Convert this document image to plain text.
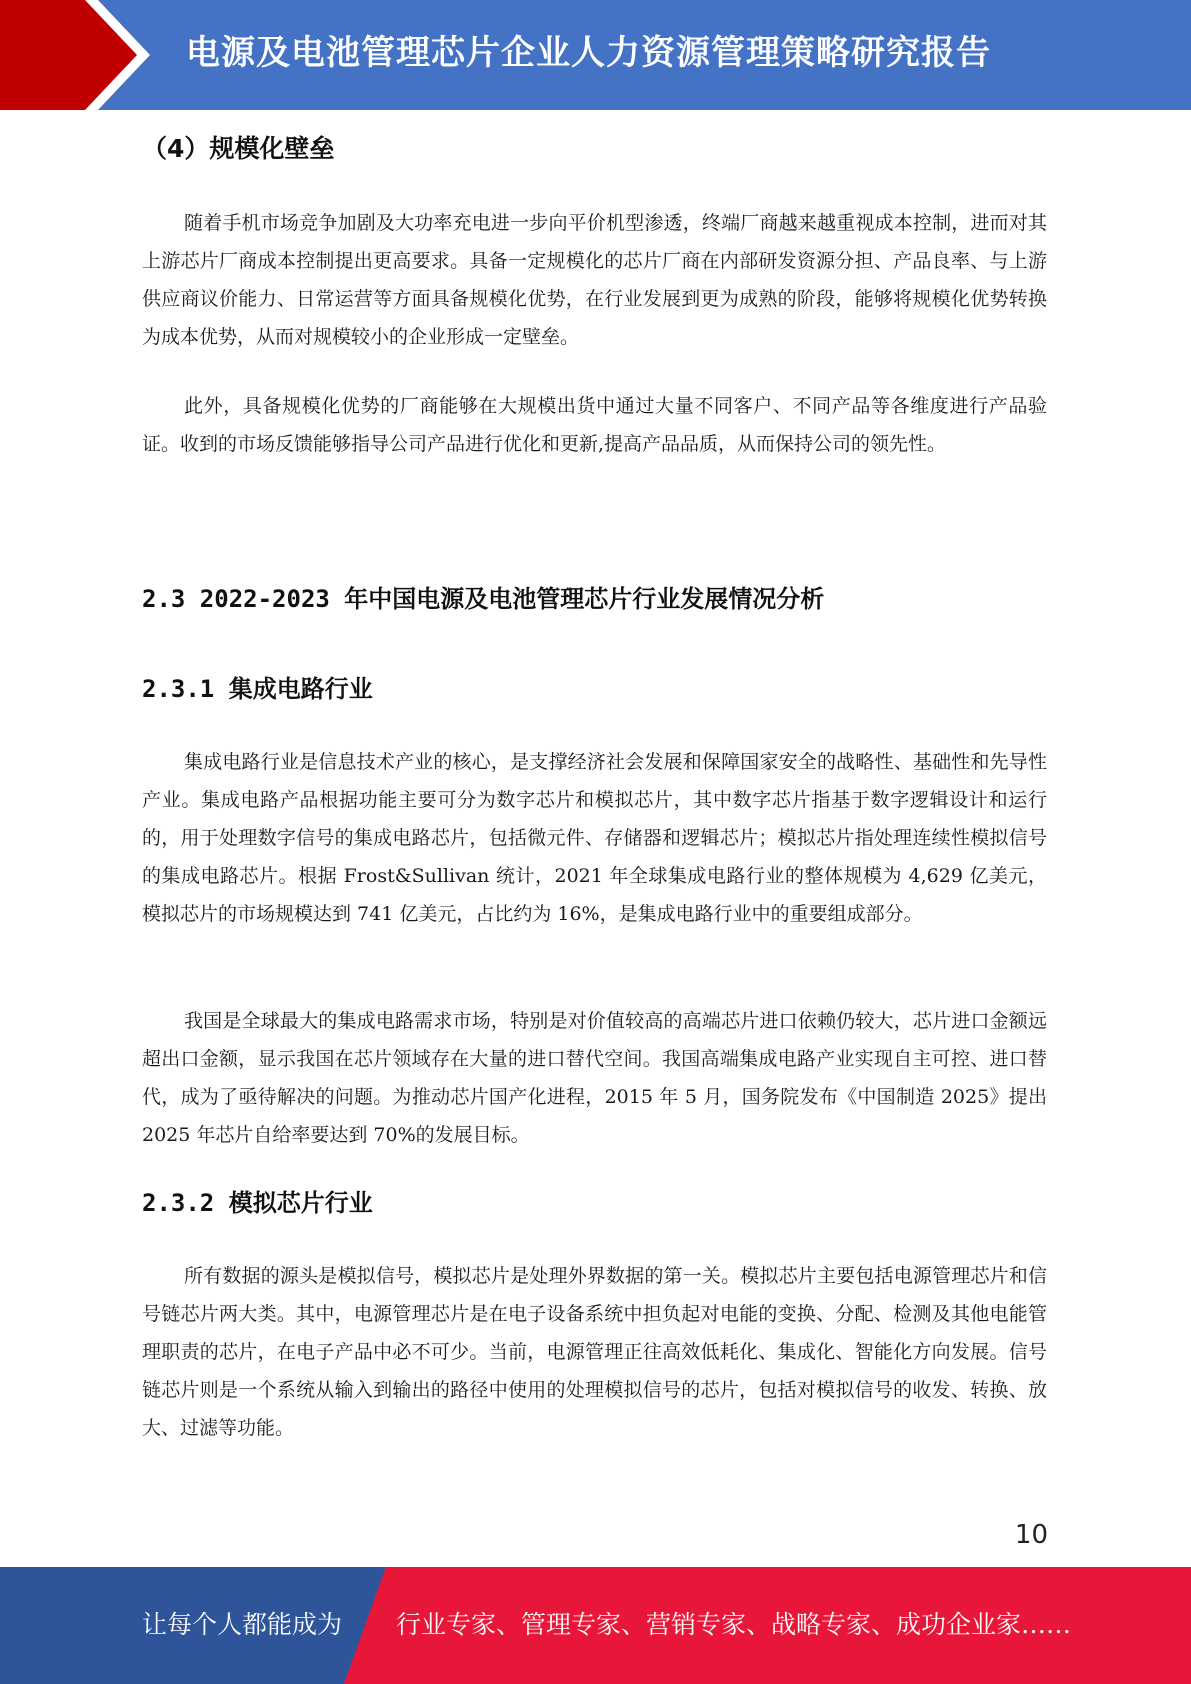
电源及电池管理芯片企业人力资源管理策略研究报告
（4）规模化壁垒

随着手机市场竞争加剧及大功率充电进一步向平价机型渗透，终端厂商越来越重视成本控制，进而对其上游芯片厂商成本控制提出更高要求。具备一定规模化的芯片厂商在内部研发资源分担、产品良率、与上游供应商议价能力、日常运营等方面具备规模化优势，在行业发展到更为成熟的阶段，能够将规模化优势转换为成本优势，从而对规模较小的企业形成一定壁垒。

此外，具备规模化优势的厂商能够在大规模出货中通过大量不同客户、不同产品等各维度进行产品验证。收到的市场反馈能够指导公司产品进行优化和更新,提高产品品质，从而保持公司的领先性。

2.3 2022-2023 年中国电源及电池管理芯片行业发展情况分析
2.3.1 集成电路行业

集成电路行业是信息技术产业的核心，是支撑经济社会发展和保障国家安全的战略性、基础性和先导性产业。集成电路产品根据功能主要可分为数字芯片和模拟芯片，其中数字芯片指基于数字逻辑设计和运行的，用于处理数字信号的集成电路芯片，包括微元件、存储器和逻辑芯片；模拟芯片指处理连续性模拟信号的集成电路芯片。根据 Frost&Sullivan 统计，2021 年全球集成电路行业的整体规模为 4,629 亿美元，模拟芯片的市场规模达到 741 亿美元，占比约为 16%，是集成电路行业中的重要组成部分。

我国是全球最大的集成电路需求市场，特别是对价值较高的高端芯片进口依赖仍较大，芯片进口金额远超出口金额，显示我国在芯片领域存在大量的进口替代空间。我国高端集成电路产业实现自主可控、进口替代，成为了亟待解决的问题。为推动芯片国产化进程，2015 年 5 月，国务院发布《中国制造 2025》提出 2025 年芯片自给率要达到 70%的发展目标。

2.3.2 模拟芯片行业

所有数据的源头是模拟信号，模拟芯片是处理外界数据的第一关。模拟芯片主要包括电源管理芯片和信号链芯片两大类。其中，电源管理芯片是在电子设备系统中担负起对电能的变换、分配、检测及其他电能管理职责的芯片，在电子产品中必不可少。当前，电源管理正往高效低耗化、集成化、智能化方向发展。信号链芯片则是一个系统从输入到输出的路径中使用的处理模拟信号的芯片，包括对模拟信号的收发、转换、放大、过滤等功能。

10
让每个人都能成为 行业专家、管理专家、营销专家、战略专家、成功企业家……
